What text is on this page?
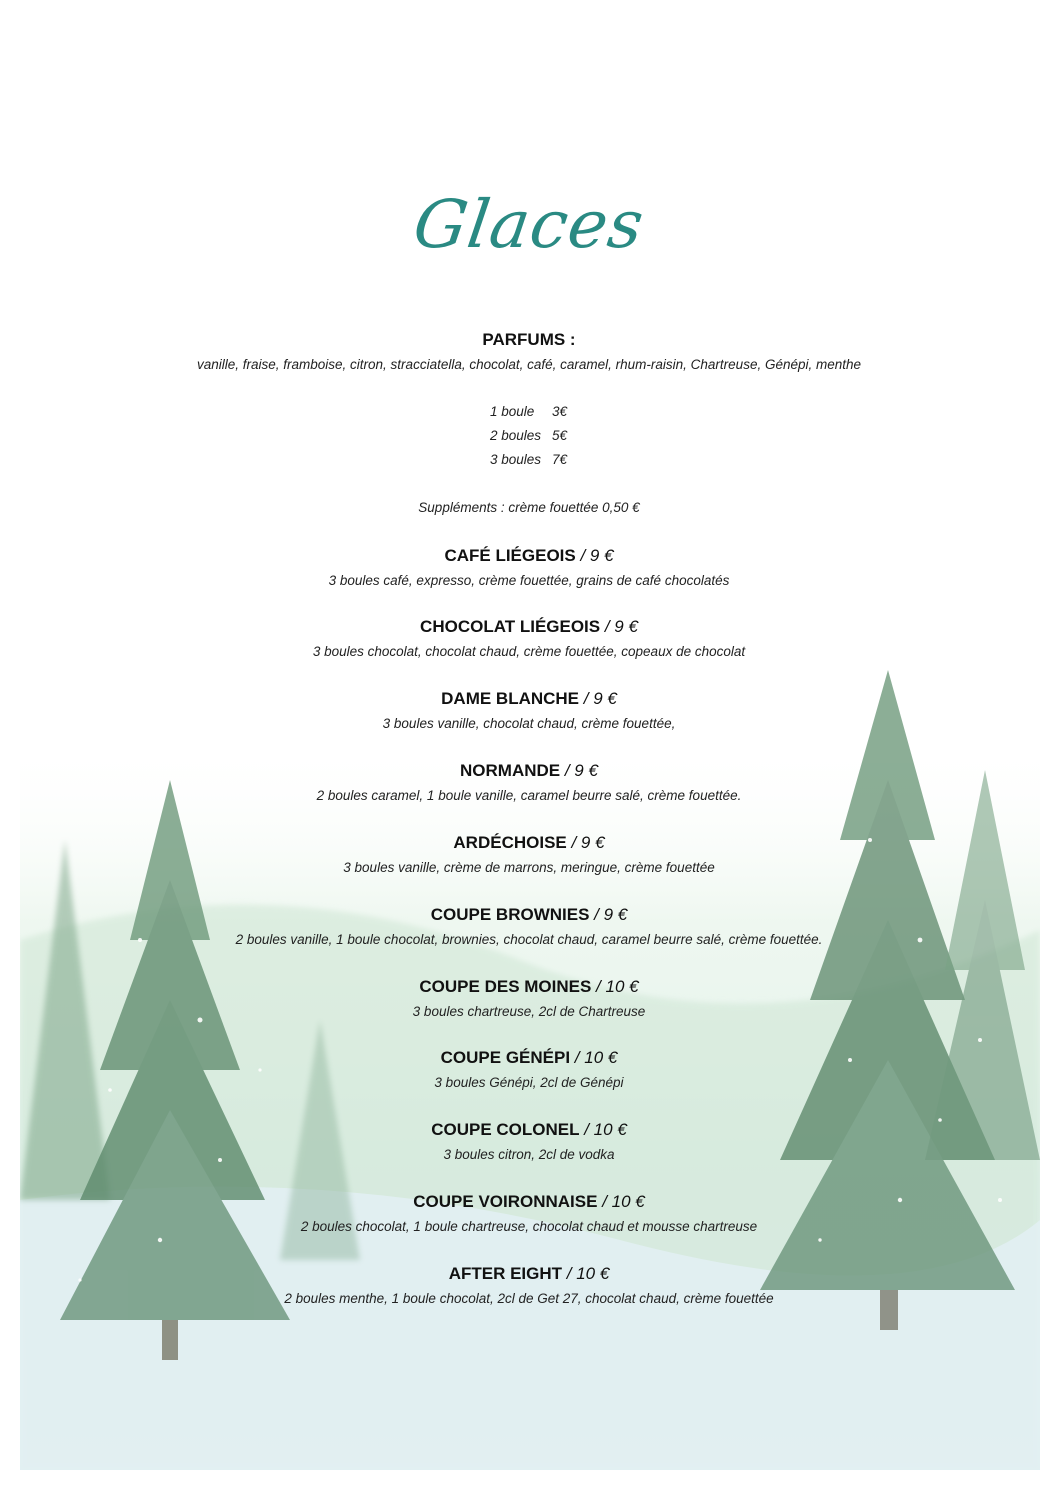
Glaces
PARFUMS :
vanille, fraise, framboise, citron, stracciatella, chocolat, café, caramel, rhum-raisin, Chartreuse, Génépi, menthe
1 boule	3€
2 boules 5€
3 boules 7€
Suppléments : crème fouettée 0,50 €
CAFÉ LIÉGEOIS / 9 €
3 boules café, expresso, crème fouettée, grains de café chocolatés
CHOCOLAT LIÉGEOIS / 9 €
3 boules chocolat, chocolat chaud, crème fouettée, copeaux de chocolat
DAME BLANCHE / 9 €
3 boules vanille, chocolat chaud, crème fouettée,
NORMANDE / 9 €
2 boules caramel, 1 boule vanille, caramel beurre salé, crème fouettée.
ARDÉCHOISE / 9 €
3 boules vanille, crème de marrons, meringue, crème fouettée
COUPE BROWNIES / 9 €
2 boules vanille, 1 boule chocolat, brownies, chocolat chaud, caramel beurre salé, crème fouettée.
COUPE DES MOINES / 10 €
3 boules chartreuse, 2cl de Chartreuse
COUPE GÉNÉPI / 10 €
3 boules Génépi, 2cl de Génépi
COUPE COLONEL / 10 €
3 boules citron, 2cl de vodka
COUPE VOIRONNAISE / 10 €
2 boules chocolat, 1 boule chartreuse, chocolat chaud et mousse chartreuse
AFTER EIGHT / 10 €
2 boules menthe, 1 boule chocolat, 2cl de Get 27, chocolat chaud, crème fouettée
